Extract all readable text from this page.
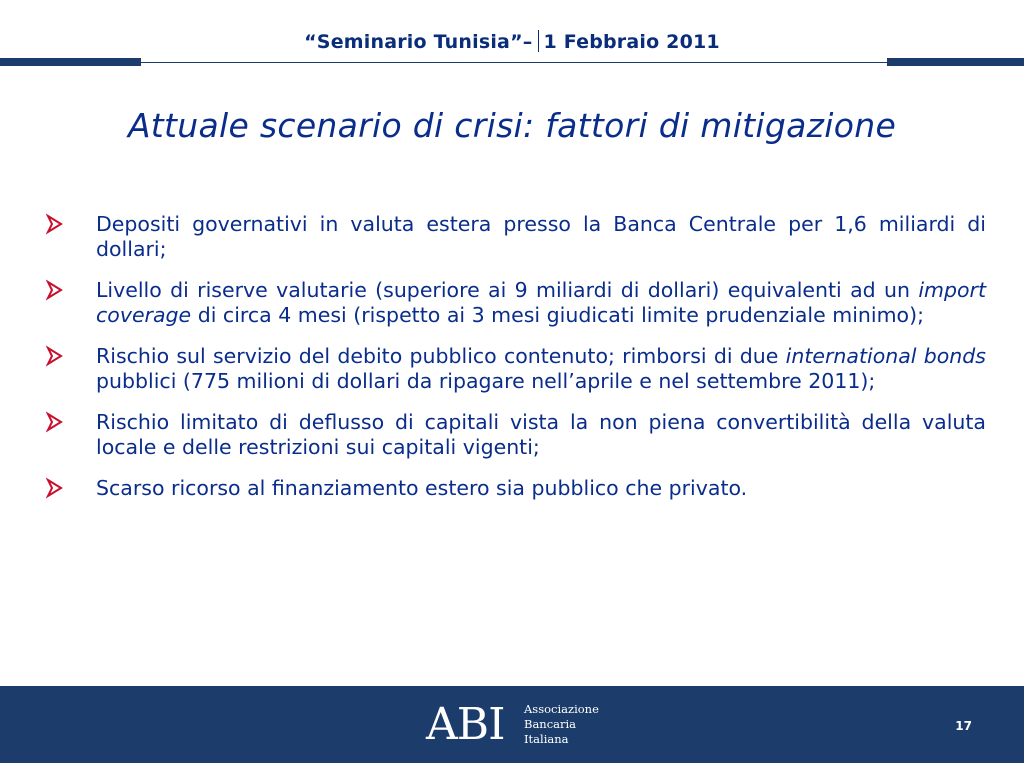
“Seminario Tunisia”– 1 Febbraio 2011
Attuale scenario di crisi: fattori di mitigazione
Depositi governativi in valuta estera presso la Banca Centrale per 1,6 miliardi di dollari;
Livello di riserve valutarie (superiore ai 9 miliardi di dollari) equivalenti ad un import coverage di circa 4 mesi (rispetto ai 3 mesi giudicati limite prudenziale minimo);
Rischio sul servizio del debito pubblico contenuto; rimborsi di due international bonds pubblici (775 milioni di dollari da ripagare nell’aprile e nel settembre 2011);
Rischio limitato di deflusso di capitali vista la non piena convertibilità della valuta locale e delle restrizioni sui capitali vigenti;
Scarso ricorso al finanziamento estero sia pubblico che privato.
ABI Associazione
Bancaria
Italiana
17
